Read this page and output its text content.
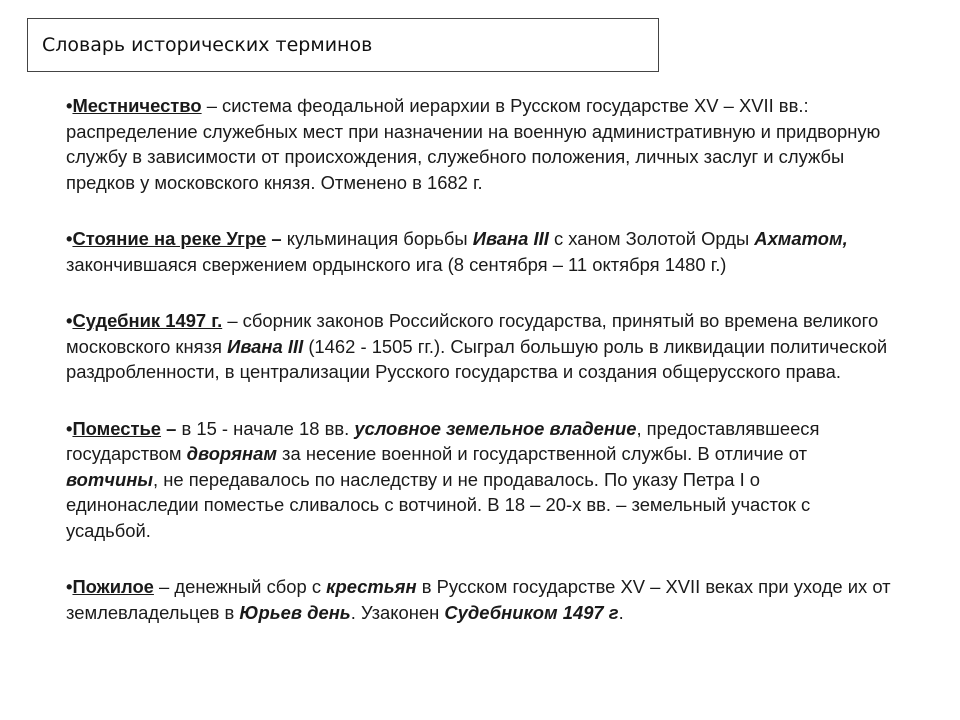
Словарь исторических терминов
•Местничество – система феодальной иерархии в Русском государстве XV – XVII вв.: распределение служебных мест при назначении на военную административную и придворную службу в зависимости от происхождения, служебного положения, личных заслуг и службы предков у московского князя. Отменено в 1682 г.
•Стояние на реке Угре – кульминация борьбы Ивана III с ханом Золотой Орды Ахматом,закончившаяся свержением ордынского ига (8 сентября – 11 октября 1480 г.)
•Судебник 1497 г. – сборник законов Российского государства, принятый во времена великого московского князя Ивана III (1462 - 1505 гг.). Сыграл большую роль в ликвидации политической раздробленности, в централизации Русского государства и создания общерусского права.
•Поместье – в 15 - начале 18 вв. условное земельное владение, предоставлявшееся государством дворянам за несение военной и государственной службы. В отличие от вотчины, не передавалось по наследству и не продавалось. По указу Петра I о единонаследии поместье сливалось с вотчиной. В 18 – 20-х вв. – земельный участок с усадьбой.
•Пожилое – денежный сбор с крестьян в Русском государстве XV – XVII веках при уходе их от землевладельцев в Юрьев день. Узаконен Судебником 1497 г.
